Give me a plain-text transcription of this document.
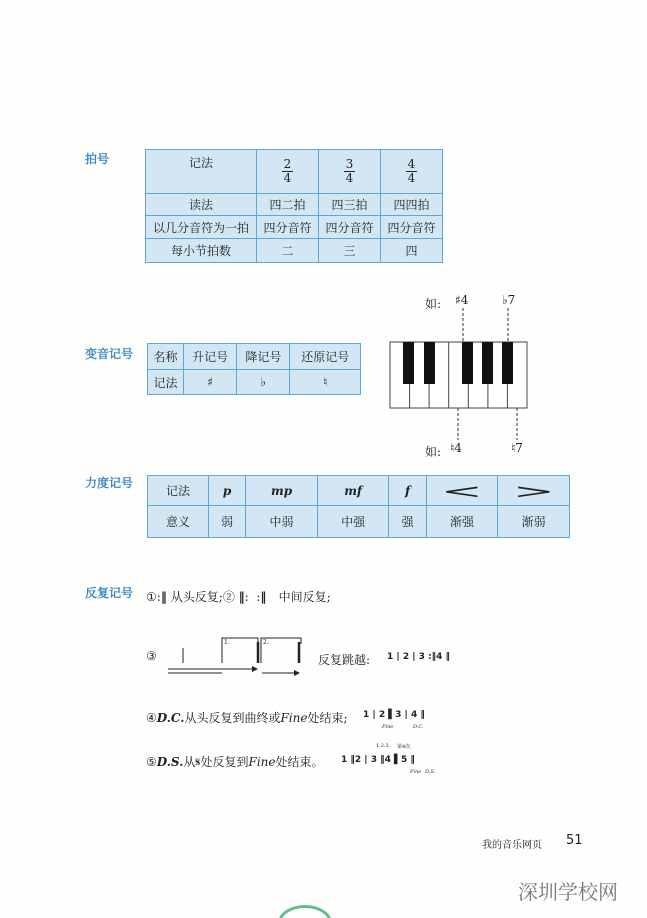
拍号
变音记号
力度记号
反复记号
记法	$\frac{2}{4}$	$\frac{3}{4}$	$\frac{4}{4}$

读法	四二拍	四三拍	四四拍
以几分音符为一拍	四分音符	四分音符	四分音符
每小节拍数	二	三	四
名称	升记号	降记号	还原记号
记法	♯	♭	♮
如: ♯4	♭7
如: ♮4	♮7
记法	p	mp	mf	f	<	>
意义	弱	中弱	中强	强	渐强	渐弱
①:‖ 从头反复;② ‖:  :‖ 中间反复;
③
1.	2.
反复跳越: 1 | 2 | 3 :‖4 ‖
④D.C.从头反复到曲终或Fine处结束; 1 | 2 ▌3 | 4 ‖
Fine	D.C.
⑤D.S.从𝄋处反复到Fine处结束。
1.2.3. 第4次
1 ‖2 | 3 ‖4 ▌5 ‖
Fine D.S.
我的音乐网页 51
深圳学校网
